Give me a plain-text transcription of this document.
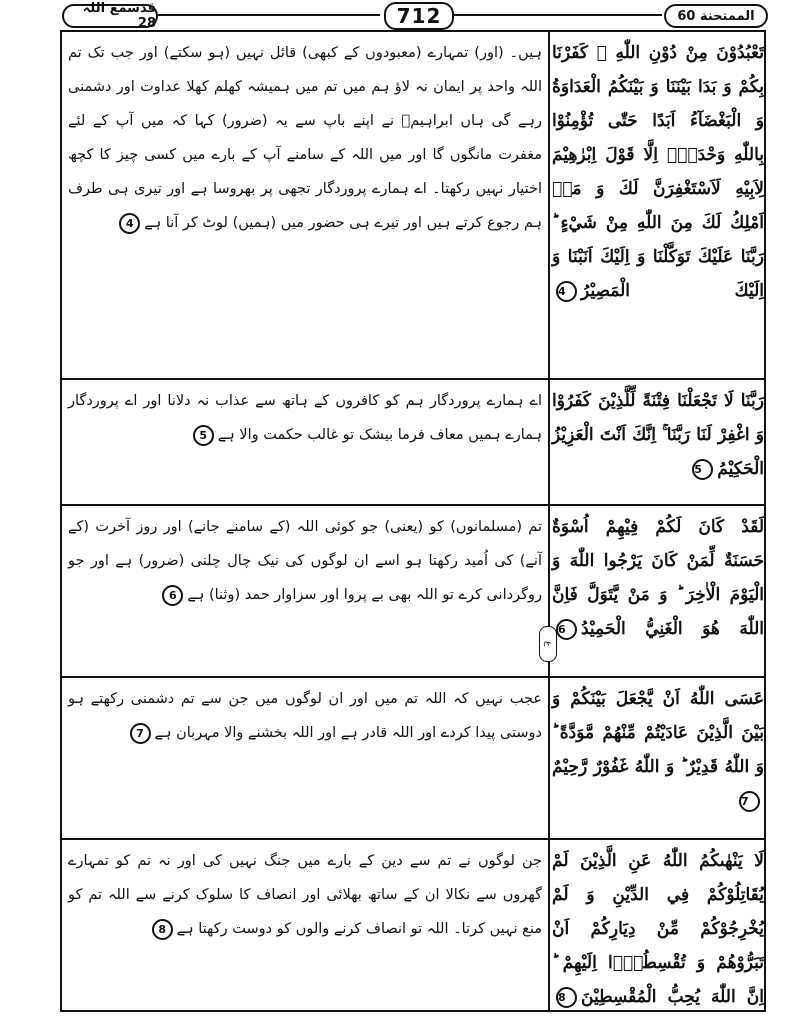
قدسمع اللہ 28	712	الممتحنة 60
تَعْبُدُوْنَ مِنْ دُوْنِ اللّٰهِ ۫ كَفَرْنَا بِكُمْ وَ بَدَا بَيْنَنَا وَ بَيْنَكُمُ الْعَدَاوَةُ وَ الْبَغْضَآءُ اَبَدًا حَتّٰى تُؤْمِنُوْا بِاللّٰهِ وَحْدَهٗۤ اِلَّا قَوْلَ اِبْرٰهِيْمَ لِاَبِيْهِ لَاَسْتَغْفِرَنَّ لَكَ وَ مَاۤ اَمْلِكُ لَكَ مِنَ اللّٰهِ مِنْ شَيْءٍ ؕ رَبَّنَا عَلَيْكَ تَوَكَّلْنَا وَ اِلَيْكَ اَنَبْنَا وَ اِلَيْكَ الْمَصِيْرُ4
ہیں۔ (اور) تمہارے (معبودوں کے کبھی) قائل نہیں (ہو سکتے) اور جب تک تم اللہ واحد پر ایمان نہ لاؤ ہم میں تم میں ہمیشہ کھلم کھلا عداوت اور دشمنی رہے گی ہاں ابراہیمؑ نے اپنے باپ سے یہ (ضرور) کہا کہ میں آپ کے لئے مغفرت مانگوں گا اور میں اللہ کے سامنے آپ کے بارے میں کسی چیز کا کچھ اختیار نہیں رکھتا۔ اے ہمارے پروردگار تجھی پر بھروسا ہے اور تیری ہی طرف ہم رجوع کرتے ہیں اور تیرے ہی حضور میں (ہمیں) لوٹ کر آنا ہے4
رَبَّنَا لَا تَجْعَلْنَا فِتْنَةً لِّلَّذِيْنَ كَفَرُوْا وَ اغْفِرْ لَنَا رَبَّنَا ۚ اِنَّكَ اَنْتَ الْعَزِيْزُ الْحَكِيْمُ5
اے ہمارے پروردگار ہم کو کافروں کے ہاتھ سے عذاب نہ دلانا اور اے پروردگار ہمارے ہمیں معاف فرما بیشک تو غالب حکمت والا ہے5
لَقَدْ كَانَ لَكُمْ فِيْهِمْ اُسْوَةٌ حَسَنَةٌ لِّمَنْ كَانَ يَرْجُوا اللّٰهَ وَ الْيَوْمَ الْاٰخِرَ ؕ وَ مَنْ يَّتَوَلَّ فَاِنَّ اللّٰهَ هُوَ الْغَنِيُّ الْحَمِيْدُ6
تم (مسلمانوں) کو (یعنی) جو کوئی اللہ (کے سامنے جانے) اور روز آخرت (کے آنے) کی اُمید رکھتا ہو اسے ان لوگوں کی نیک چال چلنی (ضرور) ہے اور جو روگردانی کرے تو اللہ بھی بے پروا اور سزاوار حمد (وثنا) ہے6
عَسَى اللّٰهُ اَنْ يَّجْعَلَ بَيْنَكُمْ وَ بَيْنَ الَّذِيْنَ عَادَيْتُمْ مِّنْهُمْ مَّوَدَّةً ؕ وَ اللّٰهُ قَدِيْرٌ ؕ وَ اللّٰهُ غَفُوْرٌ رَّحِيْمٌ7
عجب نہیں کہ اللہ تم میں اور ان لوگوں میں جن سے تم دشمنی رکھتے ہو دوستی پیدا کردے اور اللہ قادر ہے اور اللہ بخشنے والا مہربان ہے7
لَا يَنْهٰىكُمُ اللّٰهُ عَنِ الَّذِيْنَ لَمْ يُقَاتِلُوْكُمْ فِي الدِّيْنِ وَ لَمْ يُخْرِجُوْكُمْ مِّنْ دِيَارِكُمْ اَنْ تَبَرُّوْهُمْ وَ تُقْسِطُوْۤا اِلَيْهِمْ ؕ اِنَّ اللّٰهَ يُحِبُّ الْمُقْسِطِيْنَ8
جن لوگوں نے تم سے دین کے بارے میں جنگ نہیں کی اور نہ تم کو تمہارے گھروں سے نکالا ان کے ساتھ بھلائی اور انصاف کا سلوک کرنے سے اللہ تم کو منع نہیں کرتا۔ اللہ تو انصاف کرنے والوں کو دوست رکھتا ہے8
ع
